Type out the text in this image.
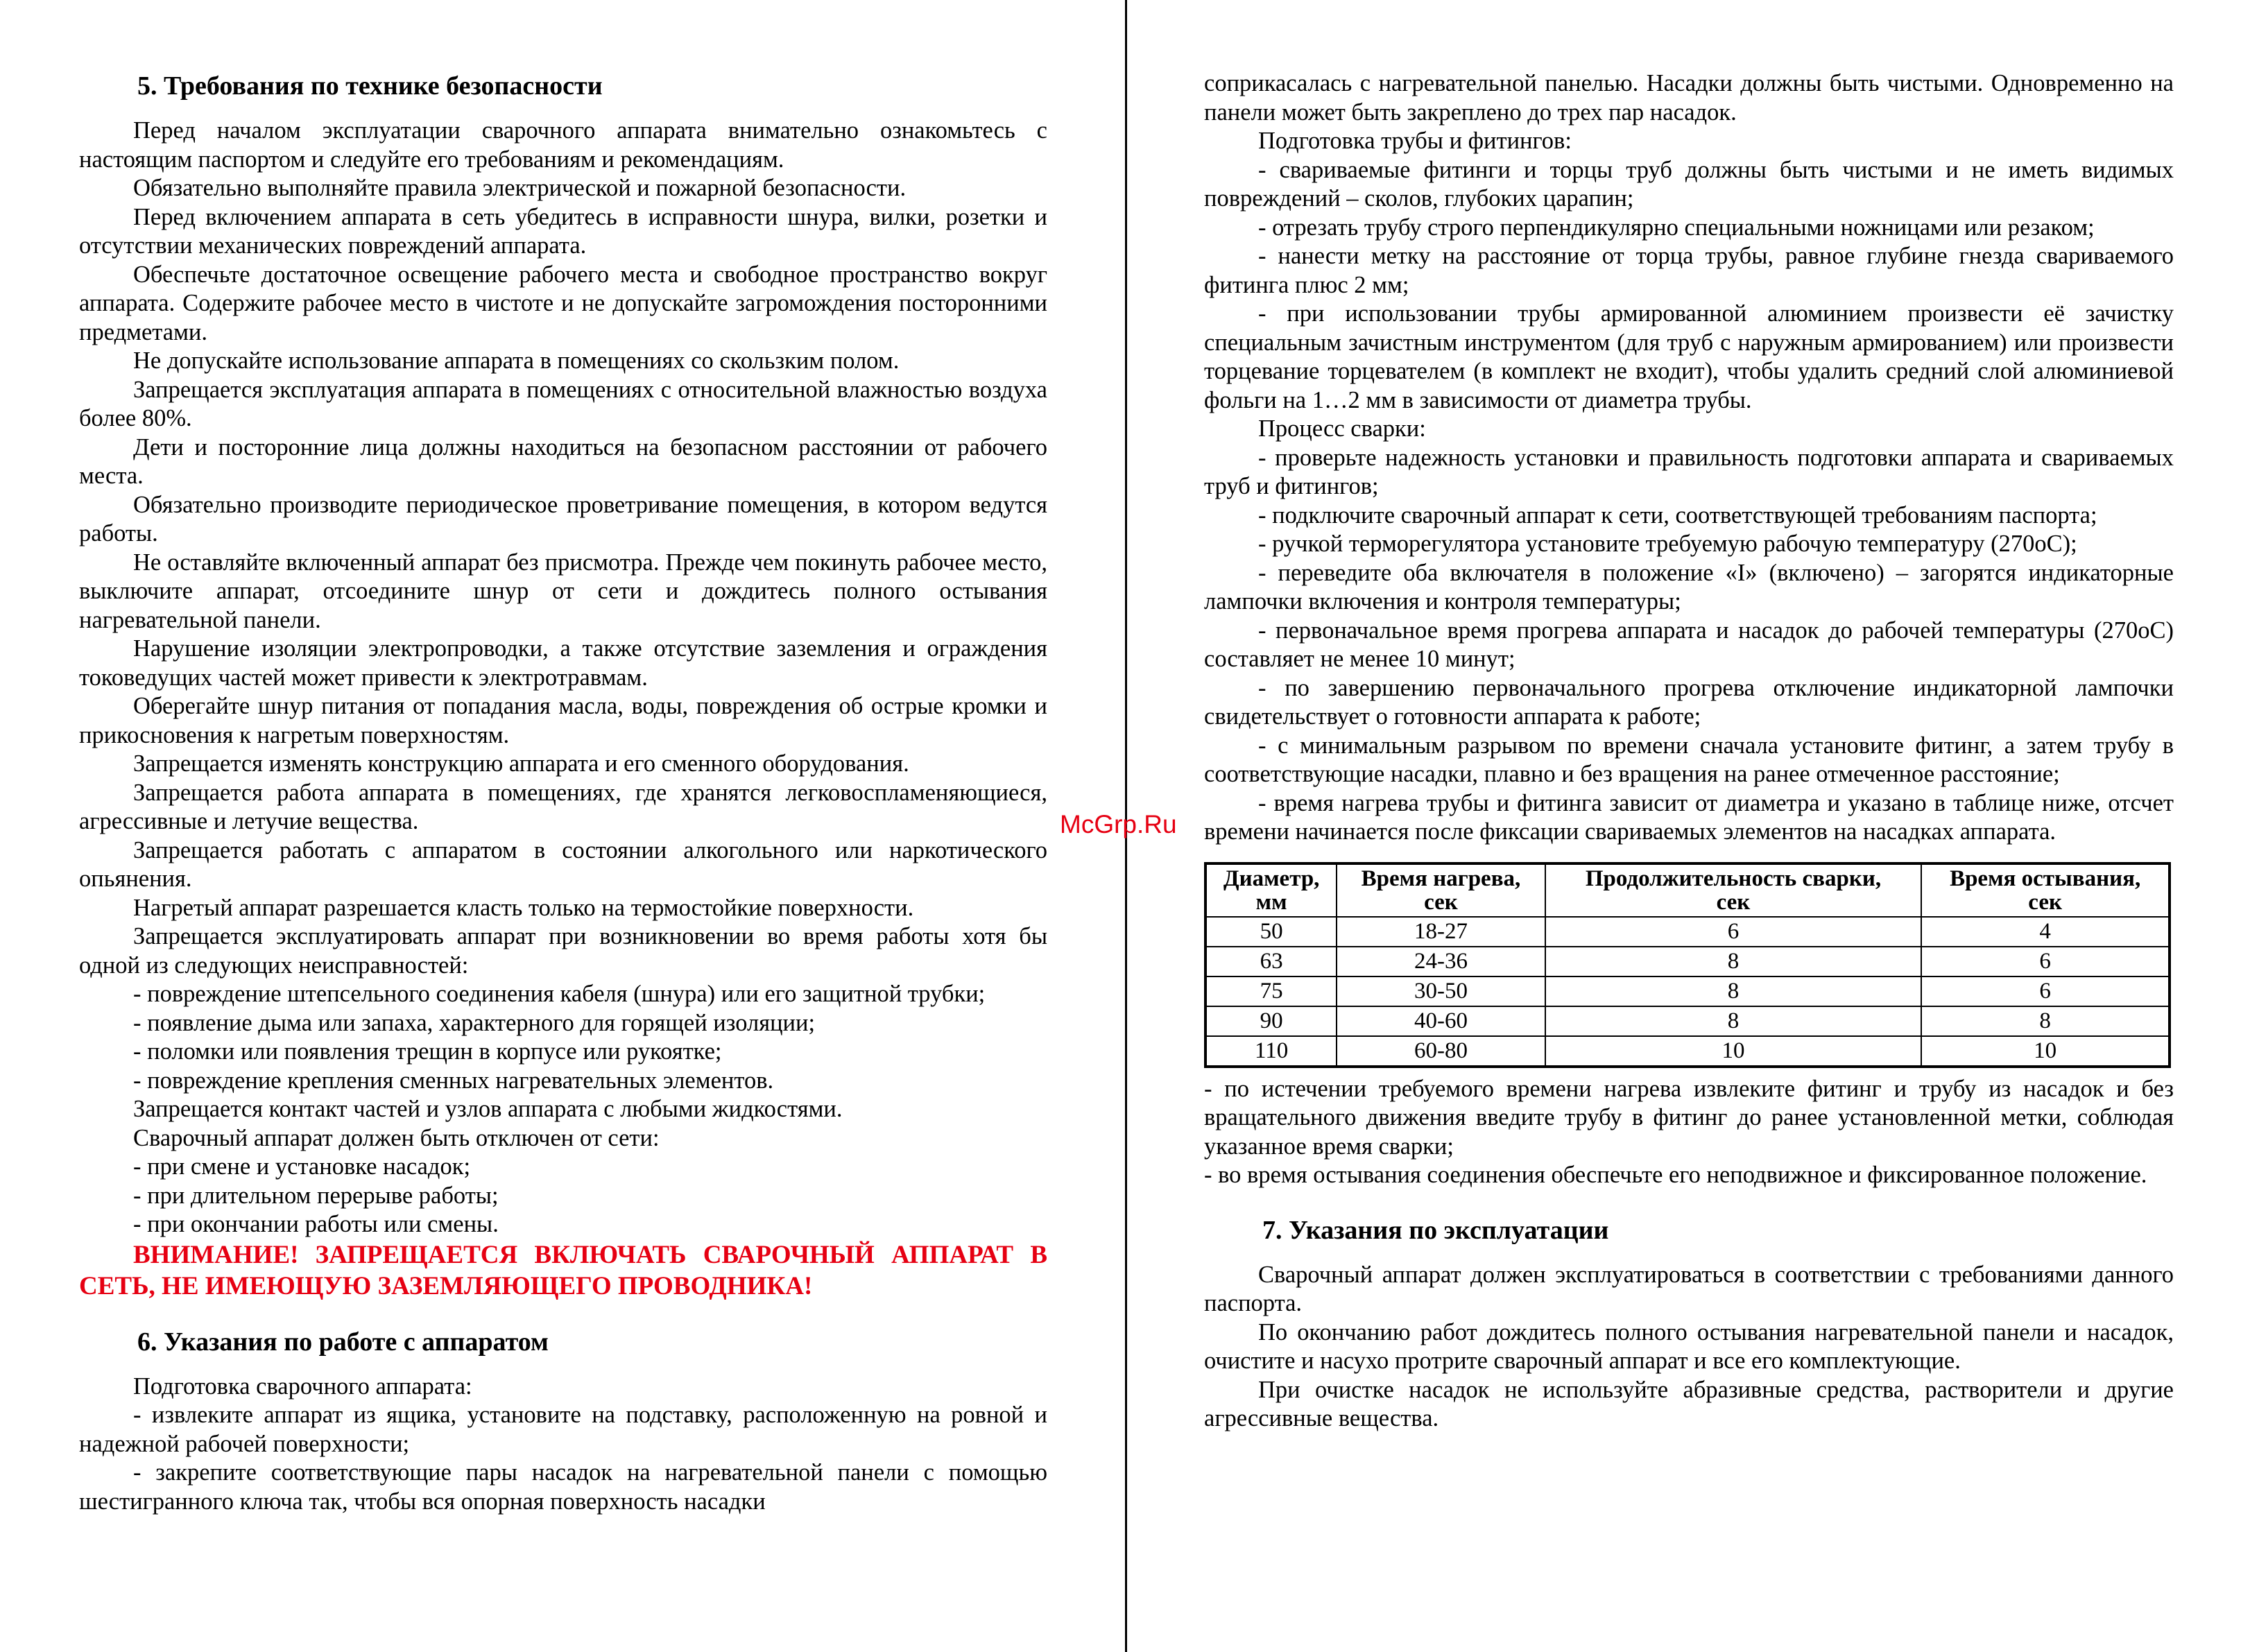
5. Требования по технике безопасности

Перед началом эксплуатации сварочного аппарата внимательно ознакомьтесь с настоящим паспортом и следуйте его требованиям и рекомендациям.

Обязательно выполняйте правила электрической и пожарной безопасности.

Перед включением аппарата в сеть убедитесь в исправности шнура, вилки, розетки и отсутствии механических повреждений аппарата.

Обеспечьте достаточное освещение рабочего места и свободное пространство вокруг аппарата. Содержите рабочее место в чистоте и не допускайте загромождения посторонними предметами.

Не допускайте использование аппарата в помещениях со скользким полом.

Запрещается эксплуатация аппарата в помещениях с относительной влажностью воздуха более 80%.

Дети и посторонние лица должны находиться на безопасном расстоянии от рабочего места.

Обязательно производите периодическое проветривание помещения, в котором ведутся работы.

Не оставляйте включенный аппарат без присмотра. Прежде чем покинуть рабочее место, выключите аппарат, отсоедините шнур от сети и дождитесь полного остывания нагревательной панели.

Нарушение изоляции электропроводки, а также отсутствие заземления и ограждения токоведущих частей может привести к электротравмам.

Оберегайте шнур питания от попадания масла, воды, повреждения об острые кромки и прикосновения к нагретым поверхностям.

Запрещается изменять конструкцию аппарата и его сменного оборудования.

Запрещается работа аппарата в помещениях, где хранятся легковоспламеняющиеся, агрессивные и летучие вещества.

Запрещается работать с аппаратом в состоянии алкогольного или наркотического опьянения.

Нагретый аппарат разрешается класть только на термостойкие поверхности.

Запрещается эксплуатировать аппарат при возникновении во время работы хотя бы одной из следующих неисправностей:

- повреждение штепсельного соединения кабеля (шнура) или его защитной трубки;

- появление дыма или запаха, характерного для горящей изоляции;

- поломки или появления трещин в корпусе или рукоятке;

- повреждение крепления сменных нагревательных элементов.

Запрещается контакт частей и узлов аппарата с любыми жидкостями.

Сварочный аппарат должен быть отключен от сети:

- при смене и установке насадок;

- при длительном перерыве работы;

- при окончании работы или смены.

ВНИМАНИЕ! ЗАПРЕЩАЕТСЯ ВКЛЮЧАТЬ СВАРОЧНЫЙ АППАРАТ В СЕТЬ, НЕ ИМЕЮЩУЮ ЗАЗЕМЛЯЮЩЕГО ПРОВОДНИКА!

6. Указания по работе с аппаратом

Подготовка сварочного аппарата:

- извлеките аппарат из ящика, установите на подставку, расположенную на ровной и надежной рабочей поверхности;

- закрепите соответствующие пары насадок на нагревательной панели с помощью шестигранного ключа так, чтобы вся опорная поверхность насадки

McGrp.Ru

соприкасалась с нагревательной панелью. Насадки должны быть чистыми. Одновременно на панели может быть закреплено до трех пар насадок.

Подготовка трубы и фитингов:

- свариваемые фитинги и торцы труб должны быть чистыми и не иметь видимых повреждений – сколов, глубоких царапин;

- отрезать трубу строго перпендикулярно специальными ножницами или резаком;

- нанести метку на расстояние от торца трубы, равное глубине гнезда свариваемого фитинга плюс 2 мм;

- при использовании трубы армированной алюминием произвести её зачистку специальным зачистным инструментом (для труб с наружным армированием) или произвести торцевание торцевателем (в комплект не входит), чтобы удалить средний слой алюминиевой фольги на 1…2 мм в зависимости от диаметра трубы.

Процесс сварки:

- проверьте надежность установки и правильность подготовки аппарата и свариваемых труб и фитингов;

- подключите сварочный аппарат к сети, соответствующей требованиям паспорта;

- ручкой терморегулятора установите требуемую рабочую температуру (270oC);

- переведите оба включателя в положение «I» (включено) – загорятся индикаторные лампочки включения и контроля температуры;

- первоначальное время прогрева аппарата и насадок до рабочей температуры (270oC) составляет не менее 10 минут;

- по завершению первоначального прогрева отключение индикаторной лампочки свидетельствует о готовности аппарата к работе;

- с минимальным разрывом по времени сначала установите фитинг, а затем трубу в соответствующие насадки, плавно и без вращения на ранее отмеченное расстояние;

- время нагрева трубы и фитинга зависит от диаметра и указано в таблице ниже, отсчет времени начинается после фиксации свариваемых элементов на насадках аппарата.

Диаметр,
мм	Время нагрева,
сек	Продолжительность сварки,
сек	Время остывания,
сек
50	18-27	6	4
63	24-36	8	6
75	30-50	8	6
90	40-60	8	8
110	60-80	10	10

- по истечении требуемого времени нагрева извлеките фитинг и трубу из насадок и без вращательного движения введите трубу в фитинг до ранее установленной метки, соблюдая указанное время сварки;

- во время остывания соединения обеспечьте его неподвижное и фиксированное положение.

7. Указания по эксплуатации

Сварочный аппарат должен эксплуатироваться в соответствии с требованиями данного паспорта.

По окончанию работ дождитесь полного остывания нагревательной панели и насадок, очистите и насухо протрите сварочный аппарат и все его комплектующие.

При очистке насадок не используйте абразивные средства, растворители и другие агрессивные вещества.
